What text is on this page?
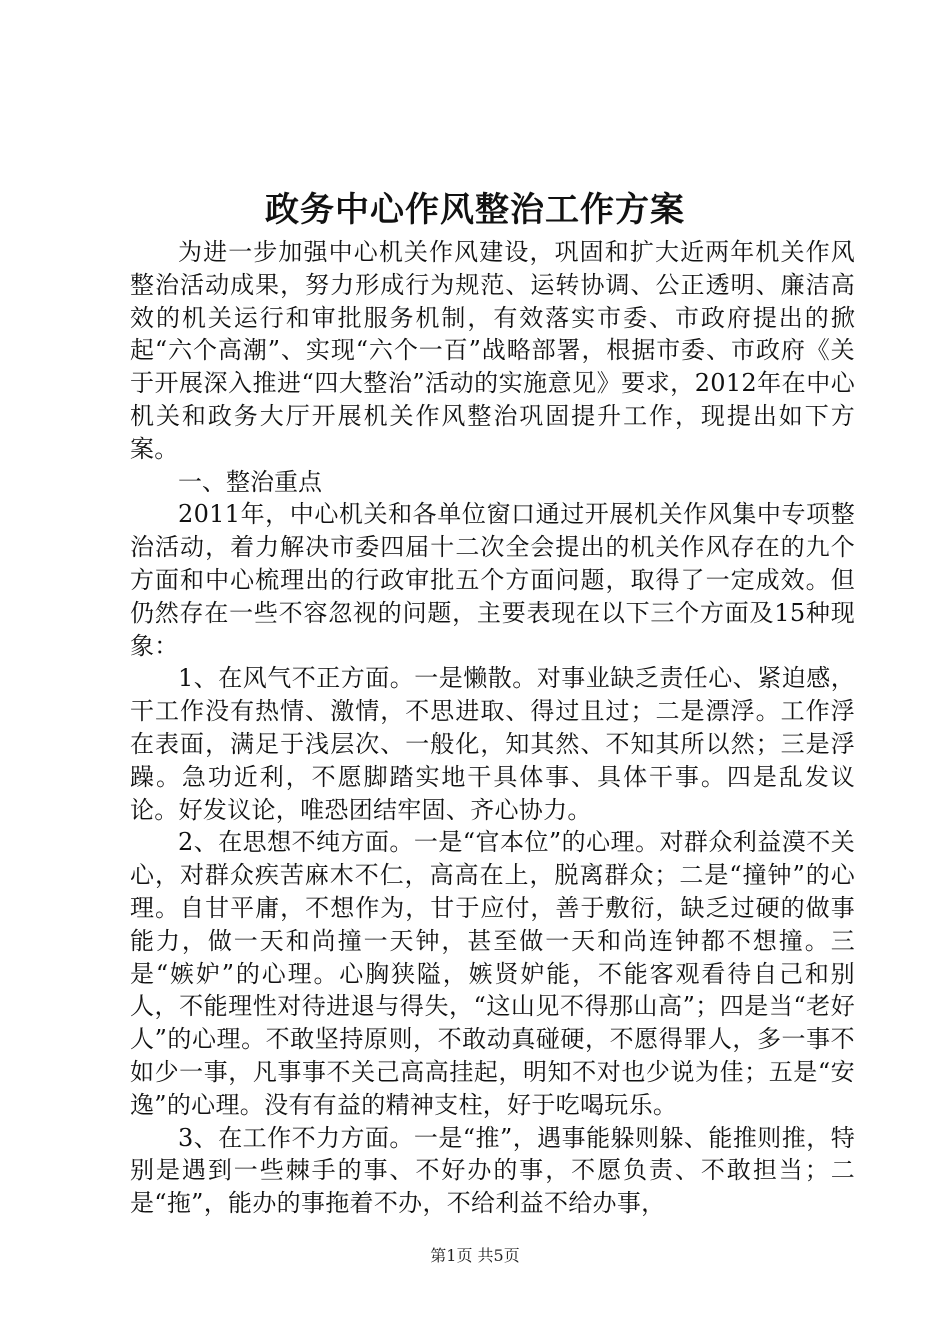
政务中心作风整治工作方案

为进一步加强中心机关作风建设，巩固和扩大近两年机关作风整治活动成果，努力形成行为规范、运转协调、公正透明、廉洁高效的机关运行和审批服务机制，有效落实市委、市政府提出的掀起“六个高潮”、实现“六个一百”战略部署，根据市委、市政府《关于开展深入推进“四大整治”活动的实施意见》要求，2012年在中心机关和政务大厅开展机关作风整治巩固提升工作，现提出如下方案。

一、整治重点

2011年，中心机关和各单位窗口通过开展机关作风集中专项整治活动，着力解决市委四届十二次全会提出的机关作风存在的九个方面和中心梳理出的行政审批五个方面问题，取得了一定成效。但仍然存在一些不容忽视的问题，主要表现在以下三个方面及15种现象：

1、在风气不正方面。一是懒散。对事业缺乏责任心、紧迫感，干工作没有热情、激情，不思进取、得过且过；二是漂浮。工作浮在表面，满足于浅层次、一般化，知其然、不知其所以然；三是浮躁。急功近利，不愿脚踏实地干具体事、具体干事。四是乱发议论。好发议论，唯恐团结牢固、齐心协力。

2、在思想不纯方面。一是“官本位”的心理。对群众利益漠不关心，对群众疾苦麻木不仁，高高在上，脱离群众；二是“撞钟”的心理。自甘平庸，不想作为，甘于应付，善于敷衍，缺乏过硬的做事能力，做一天和尚撞一天钟，甚至做一天和尚连钟都不想撞。三是“嫉妒”的心理。心胸狭隘，嫉贤妒能，不能客观看待自己和别人，不能理性对待进退与得失，“这山见不得那山高”；四是当“老好人”的心理。不敢坚持原则，不敢动真碰硬，不愿得罪人，多一事不如少一事，凡事事不关己高高挂起，明知不对也少说为佳；五是“安逸”的心理。没有有益的精神支柱，好于吃喝玩乐。

3、在工作不力方面。一是“推”，遇事能躲则躲、能推则推，特别是遇到一些棘手的事、不好办的事，不愿负责、不敢担当；二是“拖”，能办的事拖着不办，不给利益不给办事，

第1页 共5页
